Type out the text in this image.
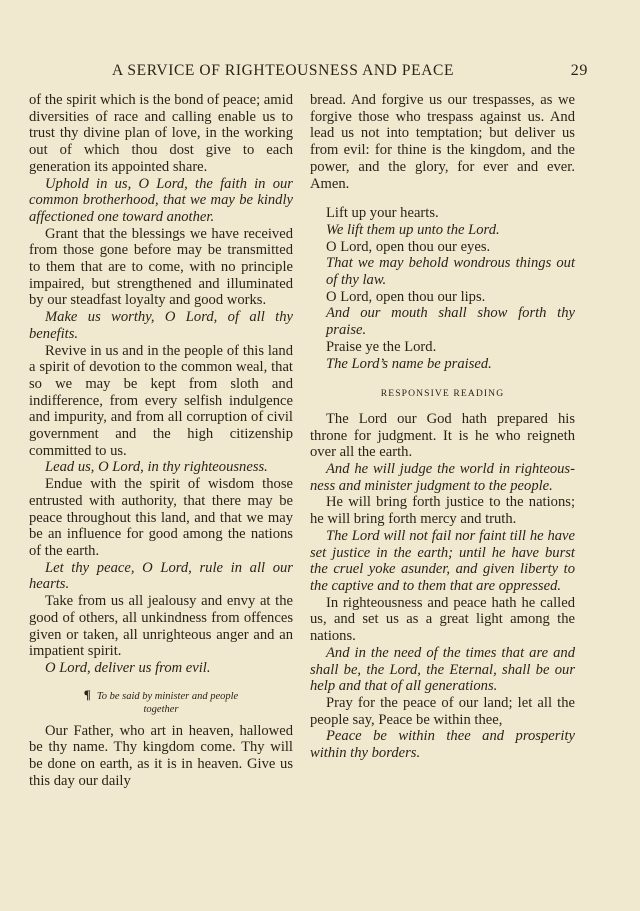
A SERVICE OF RIGHTEOUSNESS AND PEACE	29

of the spirit which is the bond of peace; amid diversities of race and calling enable us to trust thy divine plan of love, in the working out of which thou dost give to each generation its appointed share.

Uphold in us, O Lord, the faith in our common brotherhood, that we may be kindly affectioned one toward another.

Grant that the blessings we have received from those gone before may be transmitted to them that are to come, with no principle impaired, but strengthened and illuminated by our steadfast loyalty and good works.

Make us worthy, O Lord, of all thy benefits.

Revive in us and in the people of this land a spirit of devotion to the common weal, that so we may be kept from sloth and indifference, from every selfish indulgence and impurity, and from all corruption of civil government and the high citizenship committed to us.

Lead us, O Lord, in thy righteousness.

Endue with the spirit of wisdom those entrusted with authority, that there may be peace throughout this land, and that we may be an influence for good among the nations of the earth.

Let thy peace, O Lord, rule in all our hearts.

Take from us all jealousy and envy at the good of others, all unkindness from offences given or taken, all unrighteous anger and an impatient spirit.

O Lord, deliver us from evil.

¶ To be said by minister and people
together

Our Father, who art in heaven, hallowed be thy name. Thy kingdom come. Thy will be done on earth, as it is in heaven. Give us this day our daily

bread. And forgive us our trespasses, as we forgive those who trespass against us. And lead us not into temptation; but deliver us from evil: for thine is the kingdom, and the power, and the glory, for ever and ever. Amen.

Lift up your hearts.

We lift them up unto the Lord.

O Lord, open thou our eyes.

That we may behold wondrous things out of thy law.

O Lord, open thou our lips.

And our mouth shall show forth thy praise.

Praise ye the Lord.

The Lord’s name be praised.

RESPONSIVE READING

The Lord our God hath prepared his throne for judgment. It is he who reigneth over all the earth.

And he will judge the world in righteousness and minister judgment to the people.

He will bring forth justice to the nations; he will bring forth mercy and truth.

The Lord will not fail nor faint till he have set justice in the earth; until he have burst the cruel yoke asunder, and given liberty to the captive and to them that are oppressed.

In righteousness and peace hath he called us, and set us as a great light among the nations.

And in the need of the times that are and shall be, the Lord, the Eternal, shall be our help and that of all generations.

Pray for the peace of our land; let all the people say, Peace be within thee,

Peace be within thee and prosperity within thy borders.
